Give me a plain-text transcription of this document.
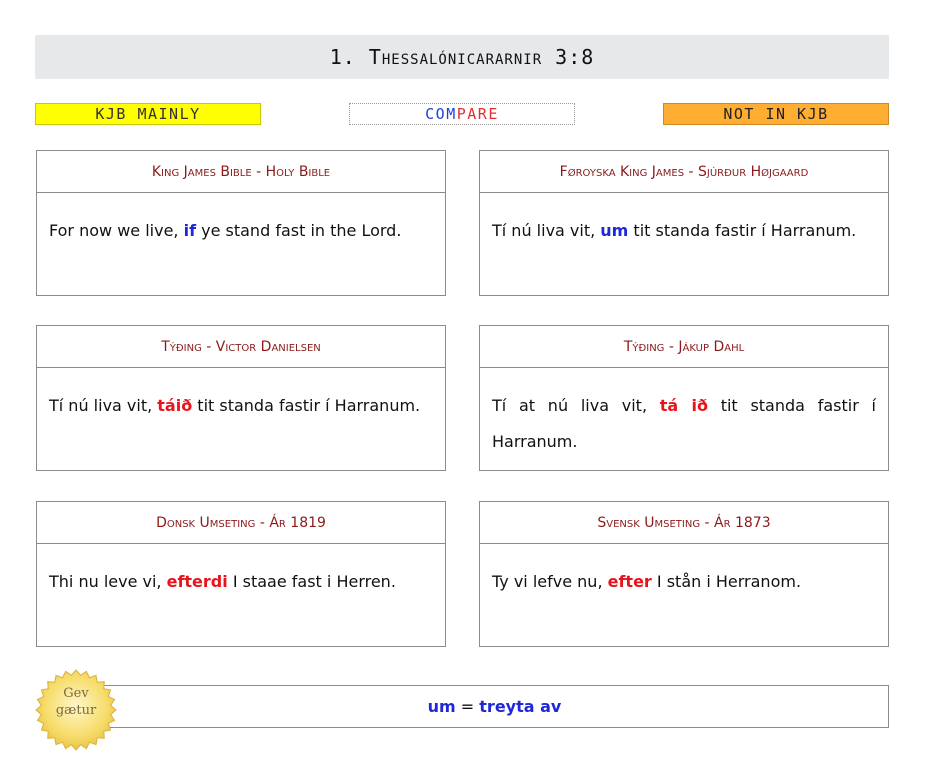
1. Thessalónicararnir 3:8
KJB MAINLY	COM PARE	NOT IN KJB
King James Bible - Holy Bible
For now we live, if ye stand fast in the Lord.
Føroyska King James - Sjúrður Højgaard
Tí nú liva vit, um tit standa fastir í Harranum.
Týðing - Victor Danielsen
Tí nú liva vit, táið tit standa fastir í Harranum.
Týðing - Jákup Dahl
Tí at nú liva vit, tá ið tit standa fastir í Harranum.
Donsk Umseting - Ár 1819
Thi nu leve vi, efterdi I staae fast i Herren.
Svensk Umseting - Ár 1873
Ty vi lefve nu, efter I stån i Herranom.
um = treyta av
Gev
gætur
